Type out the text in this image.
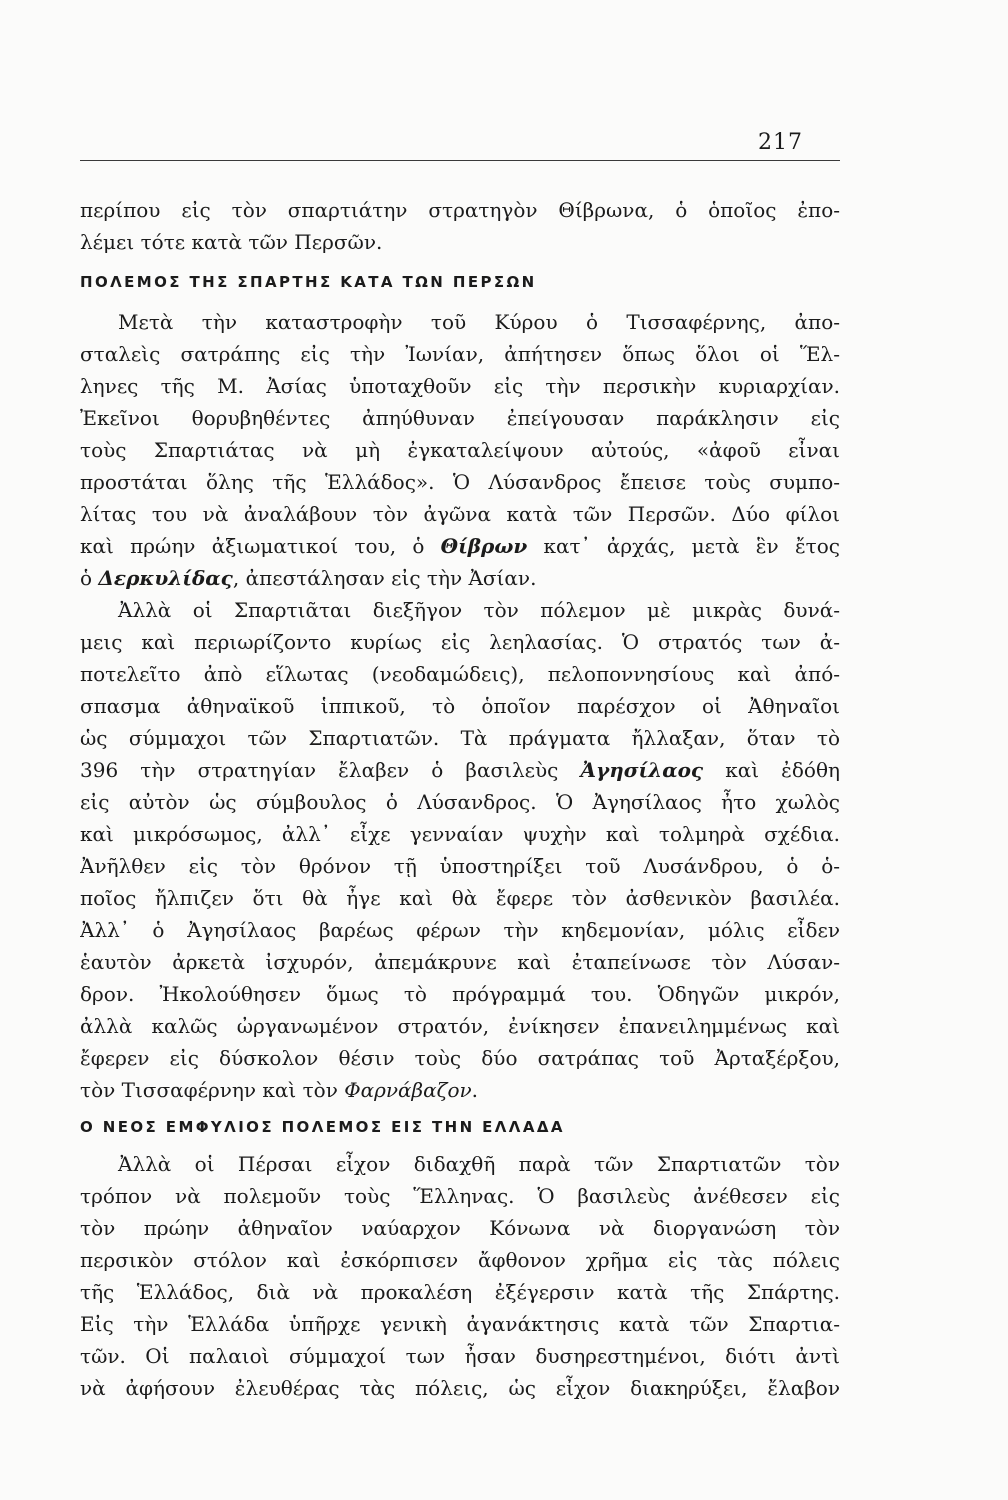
217
περίπου εἰς τὸν σπαρτιάτην στρατηγὸν Θίβρωνα, ὁ ὁποῖος ἐπο-
λέμει τότε κατὰ τῶν Περσῶν.
ΠΟΛΕΜΟΣ ΤΗΣ ΣΠΑΡΤΗΣ ΚΑΤΑ ΤΩΝ ΠΕΡΣΩΝ
Μετὰ τὴν καταστροφὴν τοῦ Κύρου ὁ Τισσαφέρνης, ἀπο-
σταλεὶς σατράπης εἰς τὴν Ἰωνίαν, ἀπήτησεν ὅπως ὅλοι οἱ Ἕλ-
ληνες τῆς Μ. Ἀσίας ὑποταχθοῦν εἰς τὴν περσικὴν κυριαρχίαν.
Ἐκεῖνοι θορυβηθέντες ἀπηύθυναν ἐπείγουσαν παράκλησιν εἰς
τοὺς Σπαρτιάτας νὰ μὴ ἐγκαταλείψουν αὐτούς, «ἀφοῦ εἶναι
προστάται ὅλης τῆς Ἑλλάδος». Ὁ Λύσανδρος ἔπεισε τοὺς συμπο-
λίτας του νὰ ἀναλάβουν τὸν ἀγῶνα κατὰ τῶν Περσῶν. Δύο φίλοι
καὶ πρώην ἀξιωματικοί του, ὁ Θίβρων κατ᾿ ἀρχάς, μετὰ ἓν ἔτος
ὁ Δερκυλίδας, ἀπεστάλησαν εἰς τὴν Ἀσίαν.
Ἀλλὰ οἱ Σπαρτιᾶται διεξῆγον τὸν πόλεμον μὲ μικρὰς δυνά-
μεις καὶ περιωρίζοντο κυρίως εἰς λεηλασίας. Ὁ στρατός των ἀ-
ποτελεῖτο ἀπὸ εἵλωτας (νεοδαμώδεις), πελοποννησίους καὶ ἀπό-
σπασμα ἀθηναϊκοῦ ἱππικοῦ, τὸ ὁποῖον παρέσχον οἱ Ἀθηναῖοι
ὡς σύμμαχοι τῶν Σπαρτιατῶν. Τὰ πράγματα ἤλλαξαν, ὅταν τὸ
396 τὴν στρατηγίαν ἔλαβεν ὁ βασιλεὺς Ἀγησίλαος καὶ ἐδόθη
εἰς αὐτὸν ὡς σύμβουλος ὁ Λύσανδρος. Ὁ Ἀγησίλαος ἦτο χωλὸς
καὶ μικρόσωμος, ἀλλ᾿ εἶχε γενναίαν ψυχὴν καὶ τολμηρὰ σχέδια.
Ἀνῆλθεν εἰς τὸν θρόνον τῇ ὑποστηρίξει τοῦ Λυσάνδρου, ὁ ὁ-
ποῖος ἤλπιζεν ὅτι θὰ ἦγε καὶ θὰ ἔφερε τὸν ἀσθενικὸν βασιλέα.
Ἀλλ᾿ ὁ Ἀγησίλαος βαρέως φέρων τὴν κηδεμονίαν, μόλις εἶδεν
ἑαυτὸν ἀρκετὰ ἰσχυρόν, ἀπεμάκρυνε καὶ ἐταπείνωσε τὸν Λύσαν-
δρον. Ἠκολούθησεν ὅμως τὸ πρόγραμμά του. Ὁδηγῶν μικρόν,
ἀλλὰ καλῶς ὠργανωμένον στρατόν, ἐνίκησεν ἐπανειλημμένως καὶ
ἔφερεν εἰς δύσκολον θέσιν τοὺς δύο σατράπας τοῦ Ἀρταξέρξου,
τὸν Τισσαφέρνην καὶ τὸν Φαρνάβαζον.
Ο ΝΕΟΣ ΕΜΦΥΛΙΟΣ ΠΟΛΕΜΟΣ ΕΙΣ ΤΗΝ ΕΛΛΑΔΑ
Ἀλλὰ οἱ Πέρσαι εἶχον διδαχθῆ παρὰ τῶν Σπαρτιατῶν τὸν
τρόπον νὰ πολεμοῦν τοὺς Ἕλληνας. Ὁ βασιλεὺς ἀνέθεσεν εἰς
τὸν πρώην ἀθηναῖον ναύαρχον Κόνωνα νὰ διοργανώση τὸν
περσικὸν στόλον καὶ ἐσκόρπισεν ἄφθονον χρῆμα εἰς τὰς πόλεις
τῆς Ἑλλάδος, διὰ νὰ προκαλέση ἐξέγερσιν κατὰ τῆς Σπάρτης.
Εἰς τὴν Ἑλλάδα ὑπῆρχε γενικὴ ἀγανάκτησις κατὰ τῶν Σπαρτια-
τῶν. Οἱ παλαιοὶ σύμμαχοί των ἦσαν δυσηρεστημένοι, διότι ἀντὶ
νὰ ἀφήσουν ἐλευθέρας τὰς πόλεις, ὡς εἶχον διακηρύξει, ἔλαβον
